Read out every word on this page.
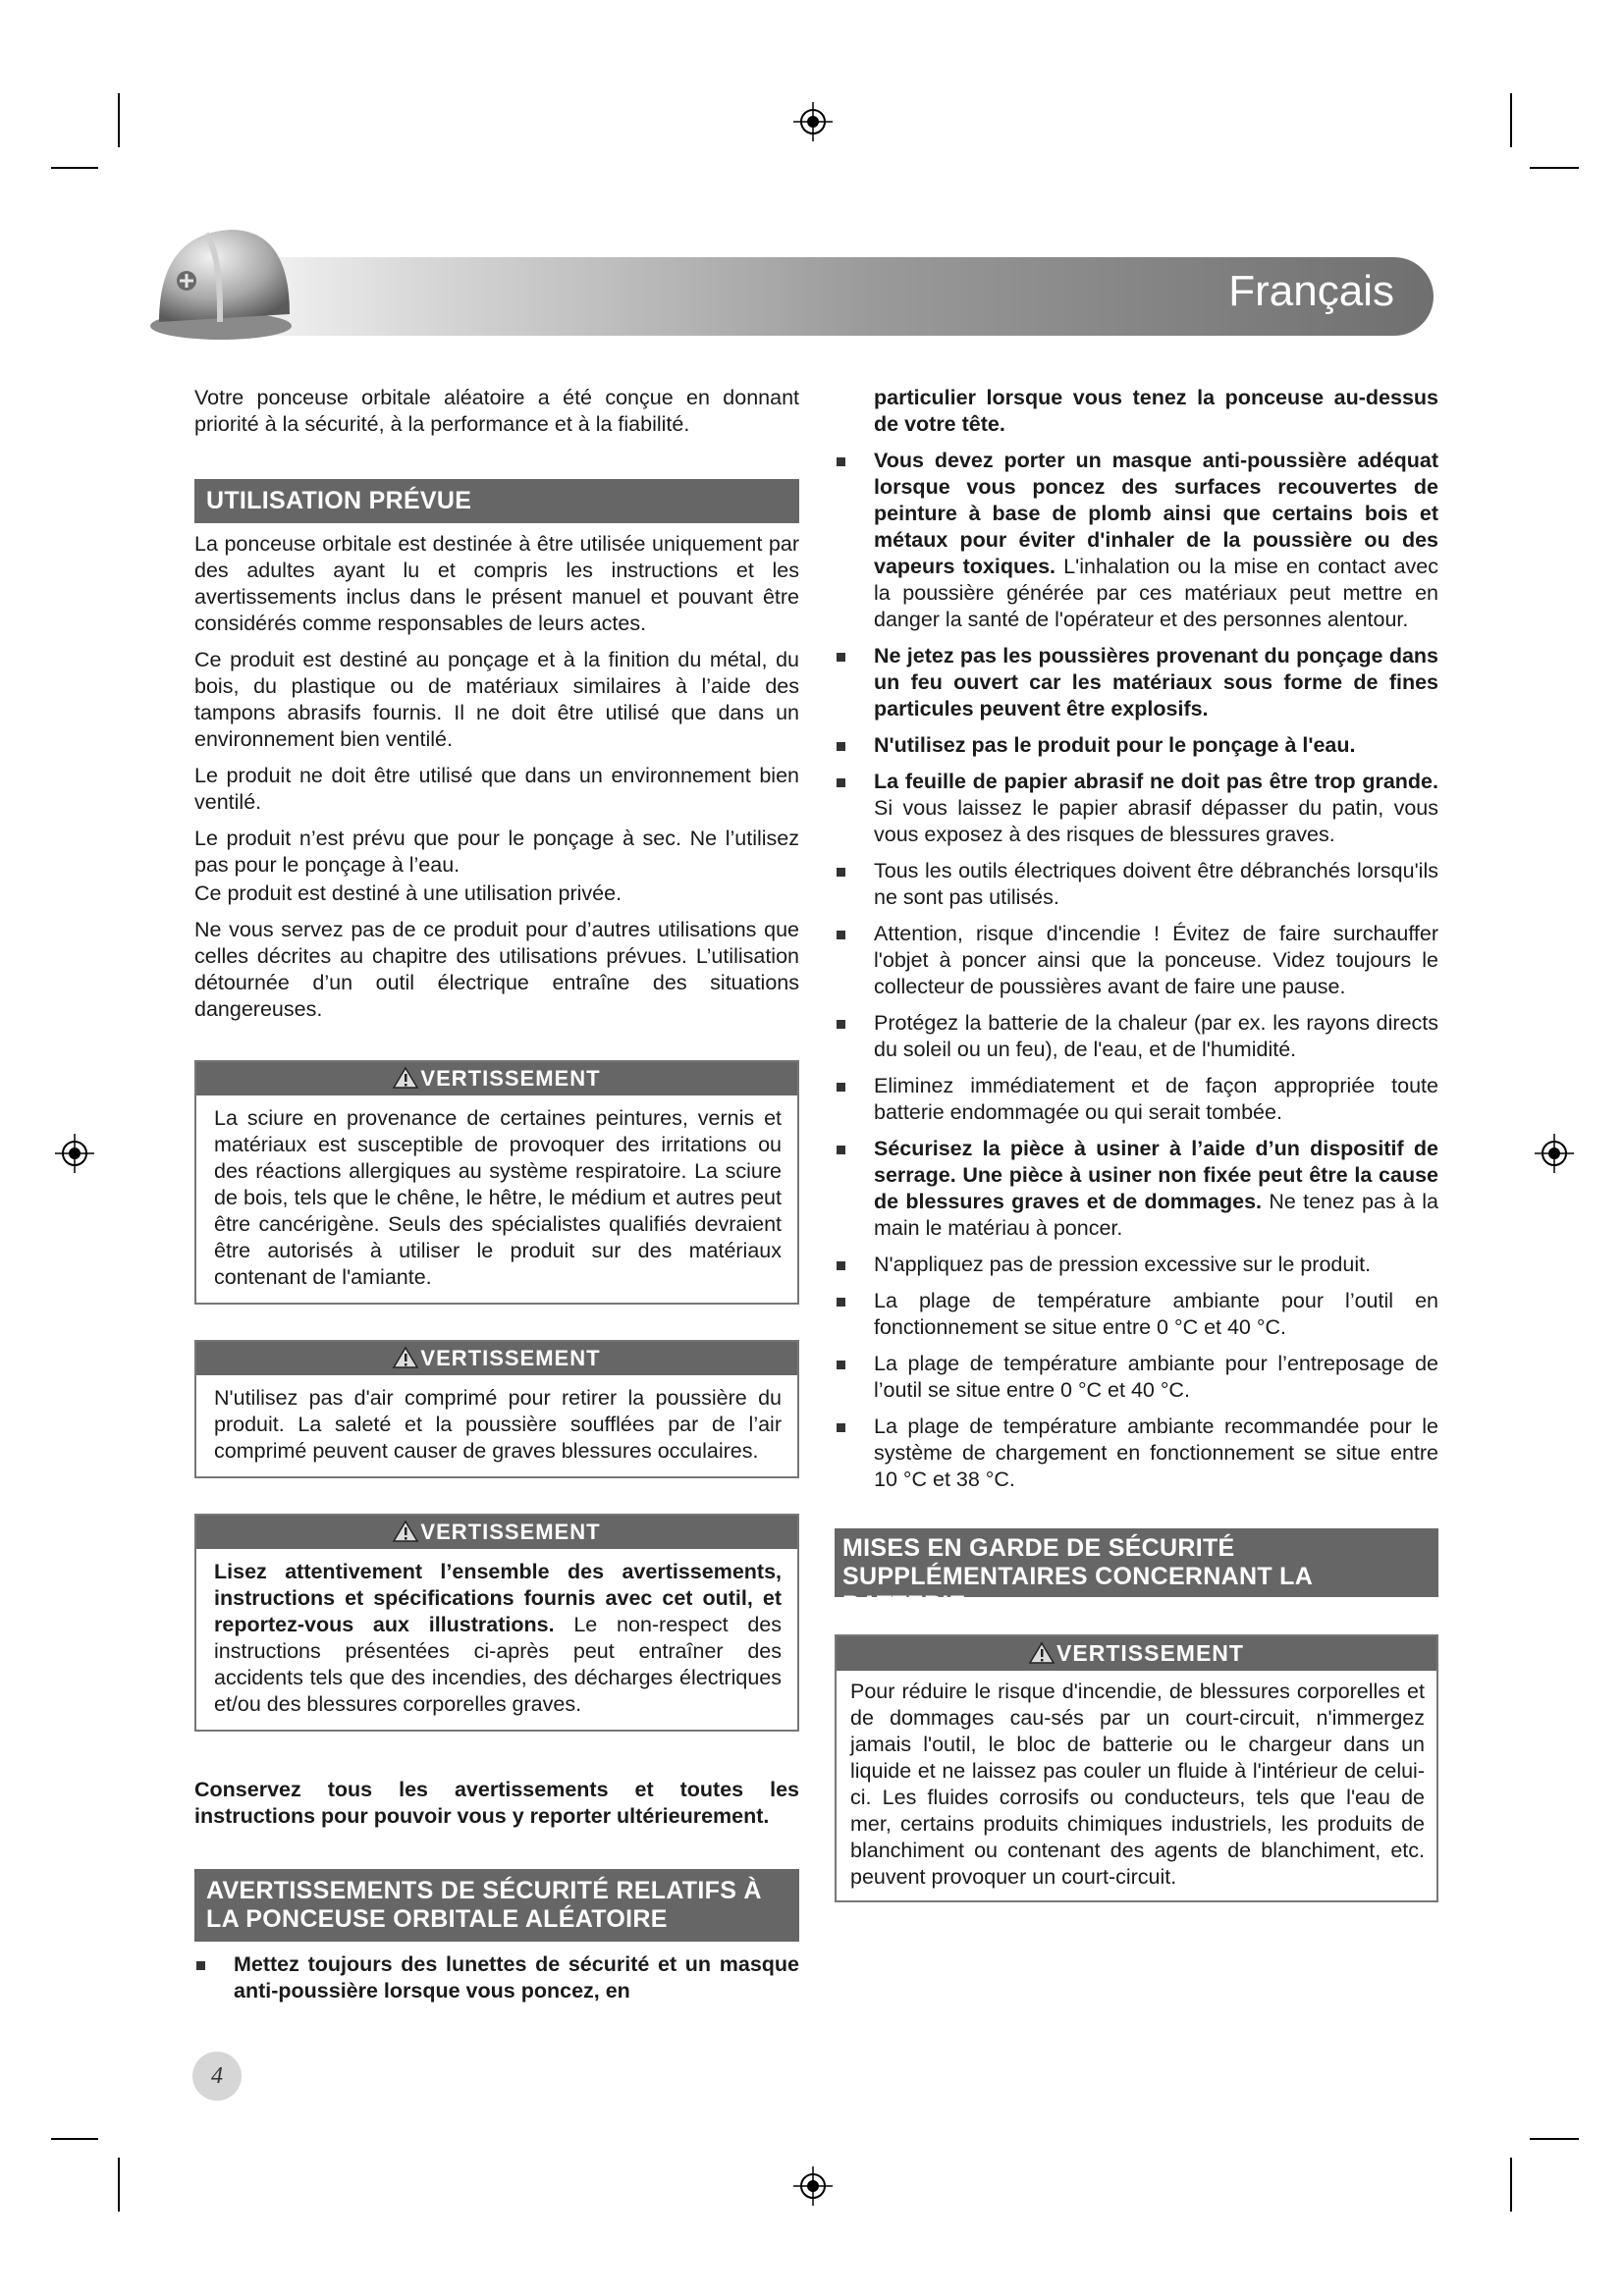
Français

Votre ponceuse orbitale aléatoire a été conçue en donnant priorité à la sécurité, à la performance et à la fiabilité.

UTILISATION PRÉVUE

La ponceuse orbitale est destinée à être utilisée uniquement par des adultes ayant lu et compris les instructions et les avertissements inclus dans le présent manuel et pouvant être considérés comme responsables de leurs actes.

Ce produit est destiné au ponçage et à la finition du métal, du bois, du plastique ou de matériaux similaires à l’aide des tampons abrasifs fournis. Il ne doit être utilisé que dans un environnement bien ventilé.

Le produit ne doit être utilisé que dans un environnement bien ventilé.

Le produit n’est prévu que pour le ponçage à sec. Ne l’utilisez pas pour le ponçage à l’eau.

Ce produit est destiné à une utilisation privée.

Ne vous servez pas de ce produit pour d’autres utilisations que celles décrites au chapitre des utilisations prévues. L’utilisation détournée d’un outil électrique entraîne des situations dangereuses.

VERTISSEMENT
La sciure en provenance de certaines peintures, vernis et matériaux est susceptible de provoquer des irritations ou des réactions allergiques au système respiratoire. La sciure de bois, tels que le chêne, le hêtre, le médium et autres peut être cancérigène. Seuls des spécialistes qualifiés devraient être autorisés à utiliser le produit sur des matériaux contenant de l'amiante.
VERTISSEMENT
N'utilisez pas d'air comprimé pour retirer la poussière du produit. La saleté et la poussière soufflées par de l’air comprimé peuvent causer de graves blessures occulaires.
VERTISSEMENT
Lisez attentivement l’ensemble des avertissements, instructions et spécifications fournis avec cet outil, et reportez-vous aux illustrations. Le non-respect des instructions présentées ci-après peut entraîner des accidents tels que des incendies, des décharges électriques et/ou des blessures corporelles graves.

Conservez tous les avertissements et toutes les instructions pour pouvoir vous y reporter ultérieurement.

AVERTISSEMENTS DE SÉCURITÉ RELATIFS À LA PONCEUSE ORBITALE ALÉATOIRE
Mettez toujours des lunettes de sécurité et un masque anti-poussière lorsque vous poncez, en
4

particulier lorsque vous tenez la ponceuse au-dessus de votre tête.

Vous devez porter un masque anti-poussière adéquat lorsque vous poncez des surfaces recouvertes de peinture à base de plomb ainsi que certains bois et métaux pour éviter d'inhaler de la poussière ou des vapeurs toxiques. L'inhalation ou la mise en contact avec la poussière générée par ces matériaux peut mettre en danger la santé de l'opérateur et des personnes alentour.
Ne jetez pas les poussières provenant du ponçage dans un feu ouvert car les matériaux sous forme de fines particules peuvent être explosifs.
N'utilisez pas le produit pour le ponçage à l'eau.
La feuille de papier abrasif ne doit pas être trop grande. Si vous laissez le papier abrasif dépasser du patin, vous vous exposez à des risques de blessures graves.
Tous les outils électriques doivent être débranchés lorsqu'ils ne sont pas utilisés.
Attention, risque d'incendie ! Évitez de faire surchauffer l'objet à poncer ainsi que la ponceuse. Videz toujours le collecteur de poussières avant de faire une pause.
Protégez la batterie de la chaleur (par ex. les rayons directs du soleil ou un feu), de l'eau, et de l'humidité.
Eliminez immédiatement et de façon appropriée toute batterie endommagée ou qui serait tombée.
Sécurisez la pièce à usiner à l’aide d’un dispositif de serrage. Une pièce à usiner non fixée peut être la cause de blessures graves et de dommages. Ne tenez pas à la main le matériau à poncer.
N'appliquez pas de pression excessive sur le produit.
La plage de température ambiante pour l’outil en fonctionnement se situe entre 0 °C et 40 °C.
La plage de température ambiante pour l’entreposage de l’outil se situe entre 0 °C et 40 °C.
La plage de température ambiante recommandée pour le système de chargement en fonctionnement se situe entre 10 °C et 38 °C.
MISES EN GARDE DE SÉCURITÉ SUPPLÉMENTAIRES CONCERNANT LA BATTERIE
VERTISSEMENT
Pour réduire le risque d'incendie, de blessures corporelles et de dommages cau-sés par un court-circuit, n'immergez jamais l'outil, le bloc de batterie ou le chargeur dans un liquide et ne laissez pas couler un fluide à l'intérieur de celui-ci. Les fluides corrosifs ou conducteurs, tels que l'eau de mer, certains produits chimiques industriels, les produits de blanchiment ou contenant des agents de blanchiment, etc. peuvent provoquer un court-circuit.
